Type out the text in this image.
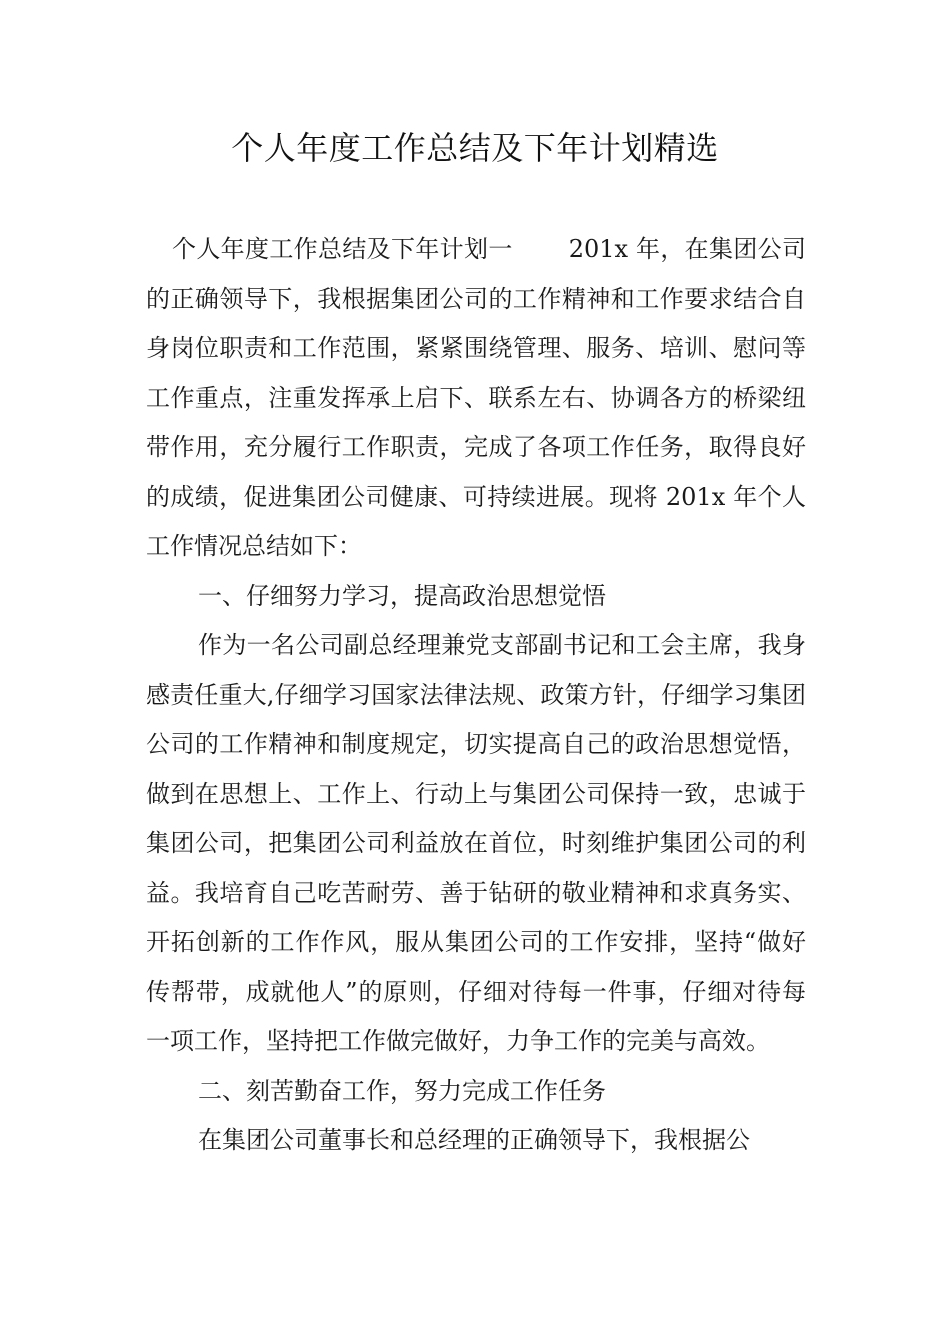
个人年度工作总结及下年计划精选

个人年度工作总结及下年计划一 201x 年，在集团公司的正确领导下，我根据集团公司的工作精神和工作要求结合自身岗位职责和工作范围，紧紧围绕管理、服务、培训、慰问等工作重点，注重发挥承上启下、联系左右、协调各方的桥梁纽带作用，充分履行工作职责，完成了各项工作任务，取得良好的成绩，促进集团公司健康、可持续进展。现将 201x 年个人工作情况总结如下：

一、仔细努力学习，提高政治思想觉悟

作为一名公司副总经理兼党支部副书记和工会主席，我身感责任重大,仔细学习国家法律法规、政策方针，仔细学习集团公司的工作精神和制度规定，切实提高自己的政治思想觉悟，做到在思想上、工作上、行动上与集团公司保持一致，忠诚于集团公司，把集团公司利益放在首位，时刻维护集团公司的利益。我培育自己吃苦耐劳、善于钻研的敬业精神和求真务实、开拓创新的工作作风，服从集团公司的工作安排，坚持“做好传帮带，成就他人”的原则，仔细对待每一件事，仔细对待每一项工作，坚持把工作做完做好，力争工作的完美与高效。

二、刻苦勤奋工作，努力完成工作任务

在集团公司董事长和总经理的正确领导下，我根据公
